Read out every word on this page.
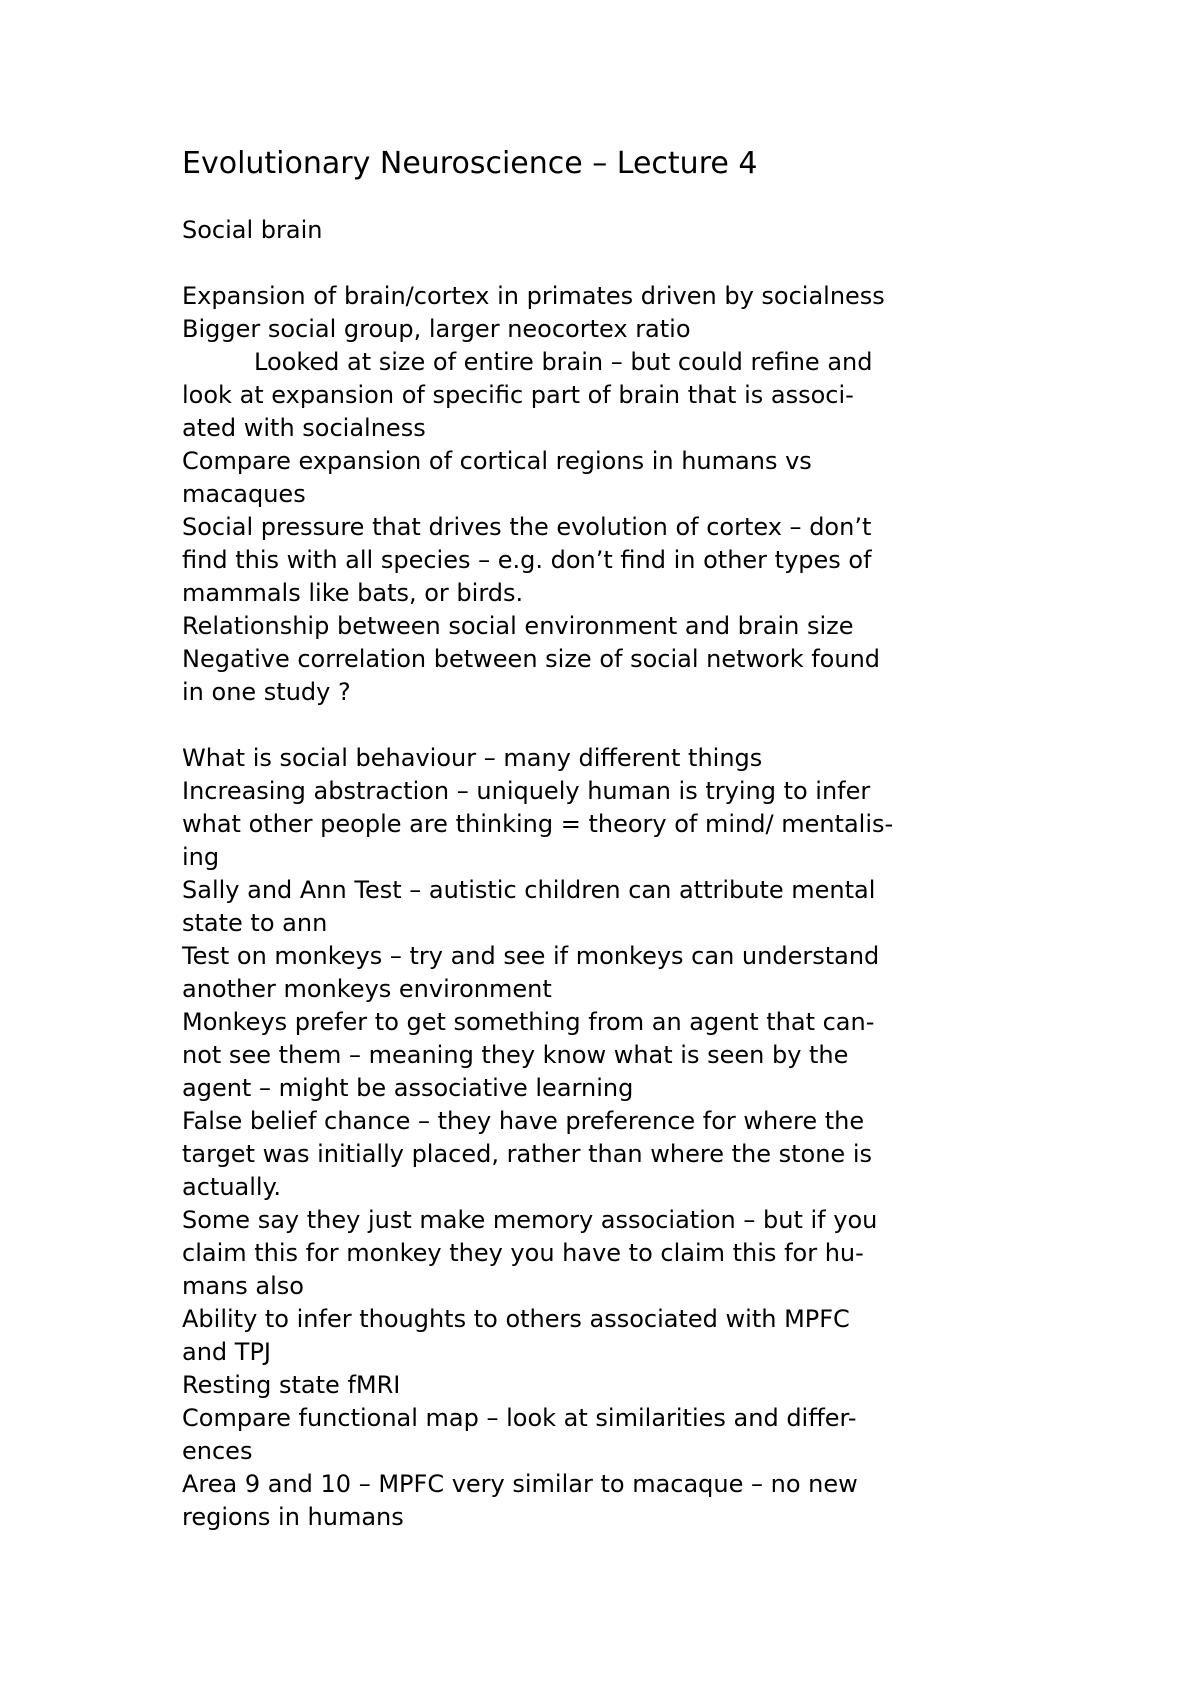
Evolutionary Neuroscience – Lecture 4
Social brain
Expansion of brain/cortex in primates driven by socialness
Bigger social group, larger neocortex ratio
Looked at size of entire brain – but could refine and
look at expansion of specific part of brain that is associ-
ated with socialness
Compare expansion of cortical regions in humans vs
macaques
Social pressure that drives the evolution of cortex – don’t
find this with all species – e.g. don’t find in other types of
mammals like bats, or birds.
Relationship between social environment and brain size
Negative correlation between size of social network found
in one study ?
What is social behaviour – many different things
Increasing abstraction – uniquely human is trying to infer
what other people are thinking = theory of mind/ mentalis-
ing
Sally and Ann Test – autistic children can attribute mental
state to ann
Test on monkeys – try and see if monkeys can understand
another monkeys environment
Monkeys prefer to get something from an agent that can-
not see them – meaning they know what is seen by the
agent – might be associative learning
False belief chance – they have preference for where the
target was initially placed, rather than where the stone is
actually.
Some say they just make memory association – but if you
claim this for monkey they you have to claim this for hu-
mans also
Ability to infer thoughts to others associated with MPFC
and TPJ
Resting state fMRI
Compare functional map – look at similarities and differ-
ences
Area 9 and 10 – MPFC very similar to macaque – no new
regions in humans
